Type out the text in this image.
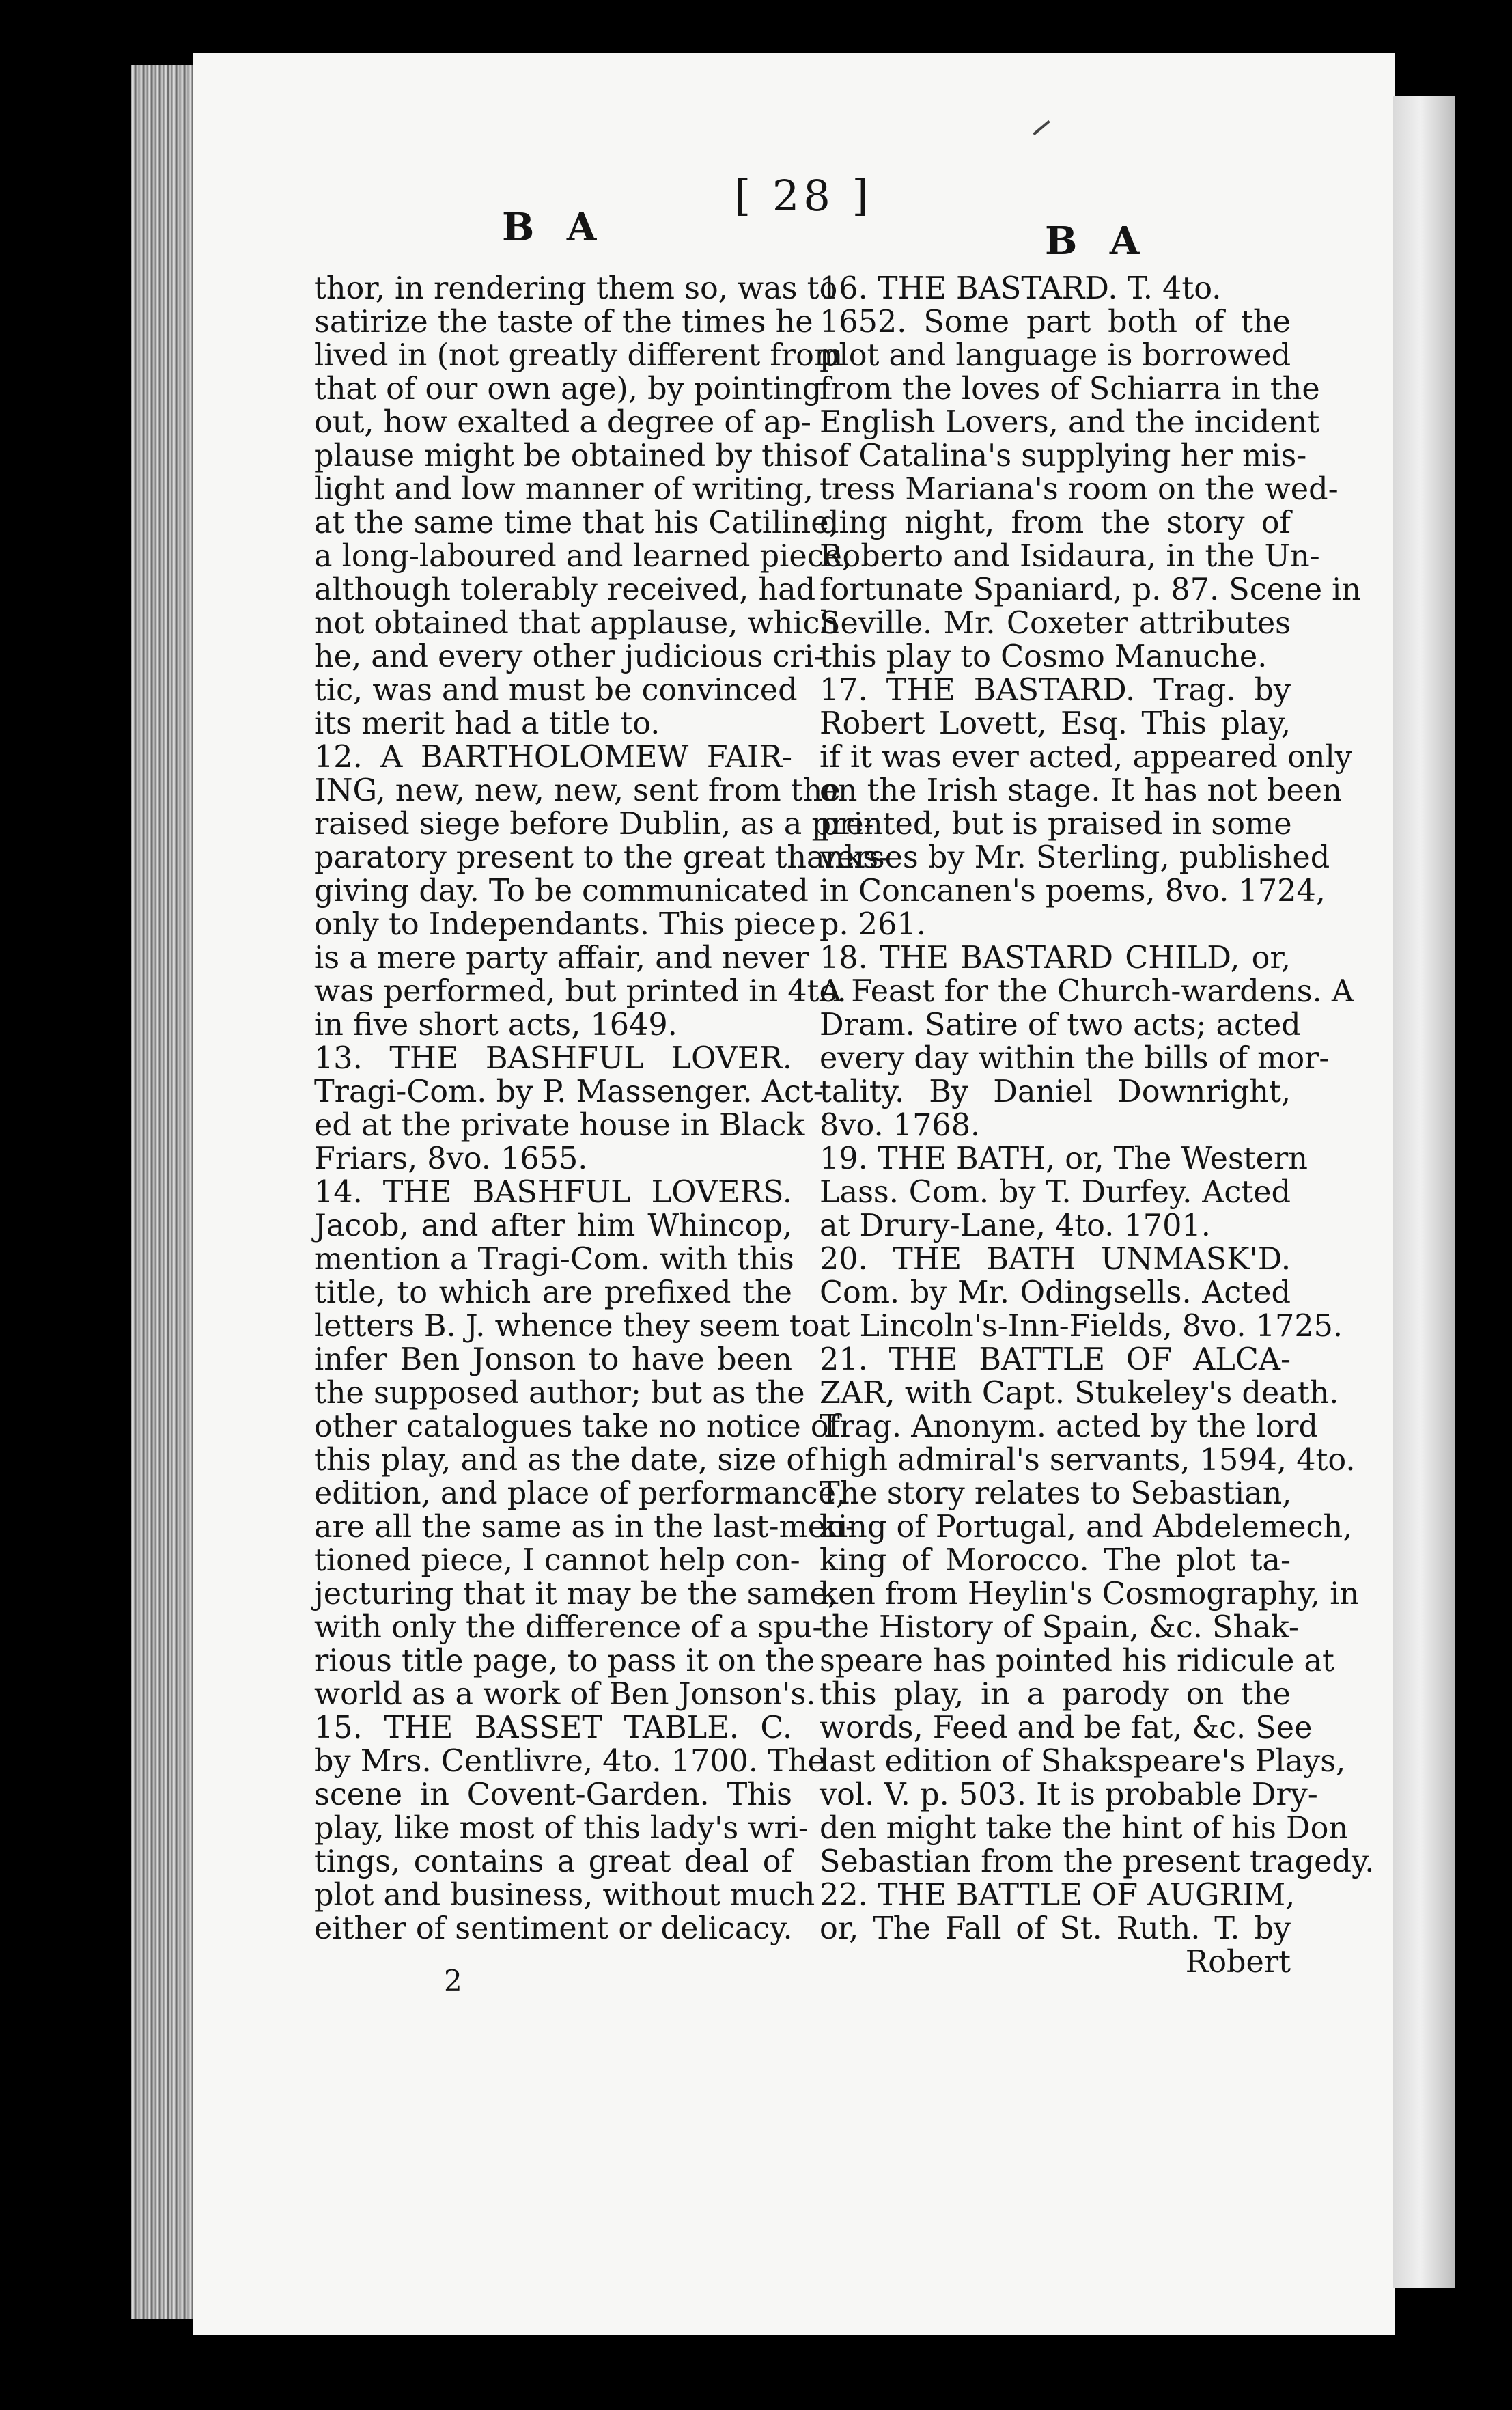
[ 28 ]
B A	B A
thor, in rendering them so, was to
satirize the taste of the times he
lived in (not greatly different from
that of our own age), by pointing
out, how exalted a degree of ap-
plause might be obtained by this
light and low manner of writing,
at the same time that his Catiline,
a long-laboured and learned piece,
although tolerably received, had
not obtained that applause, which
he, and every other judicious cri-
tic, was and must be convinced
its merit had a title to.
12. A BARTHOLOMEW FAIR-
ING, new, new, new, sent from the
raised siege before Dublin, as a pre-
paratory present to the great thanks-
giving day. To be communicated
only to Independants. This piece
is a mere party affair, and never
was performed, but printed in 4to.
in five short acts, 1649.
13. THE BASHFUL LOVER.
Tragi-Com. by P. Massenger. Act-
ed at the private house in Black
Friars, 8vo. 1655.
14. THE BASHFUL LOVERS.
Jacob, and after him Whincop,
mention a Tragi-Com. with this
title, to which are prefixed the
letters B. J. whence they seem to
infer Ben Jonson to have been
the supposed author; but as the
other catalogues take no notice of
this play, and as the date, size of
edition, and place of performance,
are all the same as in the last-men-
tioned piece, I cannot help con-
jecturing that it may be the same,
with only the difference of a spu-
rious title page, to pass it on the
world as a work of Ben Jonson's.
15. THE BASSET TABLE. C.
by Mrs. Centlivre, 4to. 1700. The
scene in Covent-Garden. This
play, like most of this lady's wri-
tings, contains a great deal of
plot and business, without much
either of sentiment or delicacy.
16. THE BASTARD. T. 4to.
1652. Some part both of the
plot and language is borrowed
from the loves of Schiarra in the
English Lovers, and the incident
of Catalina's supplying her mis-
tress Mariana's room on the wed-
ding night, from the story of
Roberto and Isidaura, in the Un-
fortunate Spaniard, p. 87. Scene in
Seville. Mr. Coxeter attributes
this play to Cosmo Manuche.
17. THE BASTARD. Trag. by
Robert Lovett, Esq. This play,
if it was ever acted, appeared only
on the Irish stage. It has not been
printed, but is praised in some
verses by Mr. Sterling, published
in Concanen's poems, 8vo. 1724,
p. 261.
18. THE BASTARD CHILD, or,
A Feast for the Church-wardens. A
Dram. Satire of two acts; acted
every day within the bills of mor-
tality. By Daniel Downright,
8vo. 1768.
19. THE BATH, or, The Western
Lass. Com. by T. Durfey. Acted
at Drury-Lane, 4to. 1701.
20. THE BATH UNMASK'D.
Com. by Mr. Odingsells. Acted
at Lincoln's-Inn-Fields, 8vo. 1725.
21. THE BATTLE OF ALCA-
ZAR, with Capt. Stukeley's death.
Trag. Anonym. acted by the lord
high admiral's servants, 1594, 4to.
The story relates to Sebastian,
king of Portugal, and Abdelemech,
king of Morocco. The plot ta-
ken from Heylin's Cosmography, in
the History of Spain, &c. Shak-
speare has pointed his ridicule at
this play, in a parody on the
words, Feed and be fat, &c. See
last edition of Shakspeare's Plays,
vol. V. p. 503. It is probable Dry-
den might take the hint of his Don
Sebastian from the present tragedy.
22. THE BATTLE OF AUGRIM,
or, The Fall of St. Ruth. T. by
Robert
2
